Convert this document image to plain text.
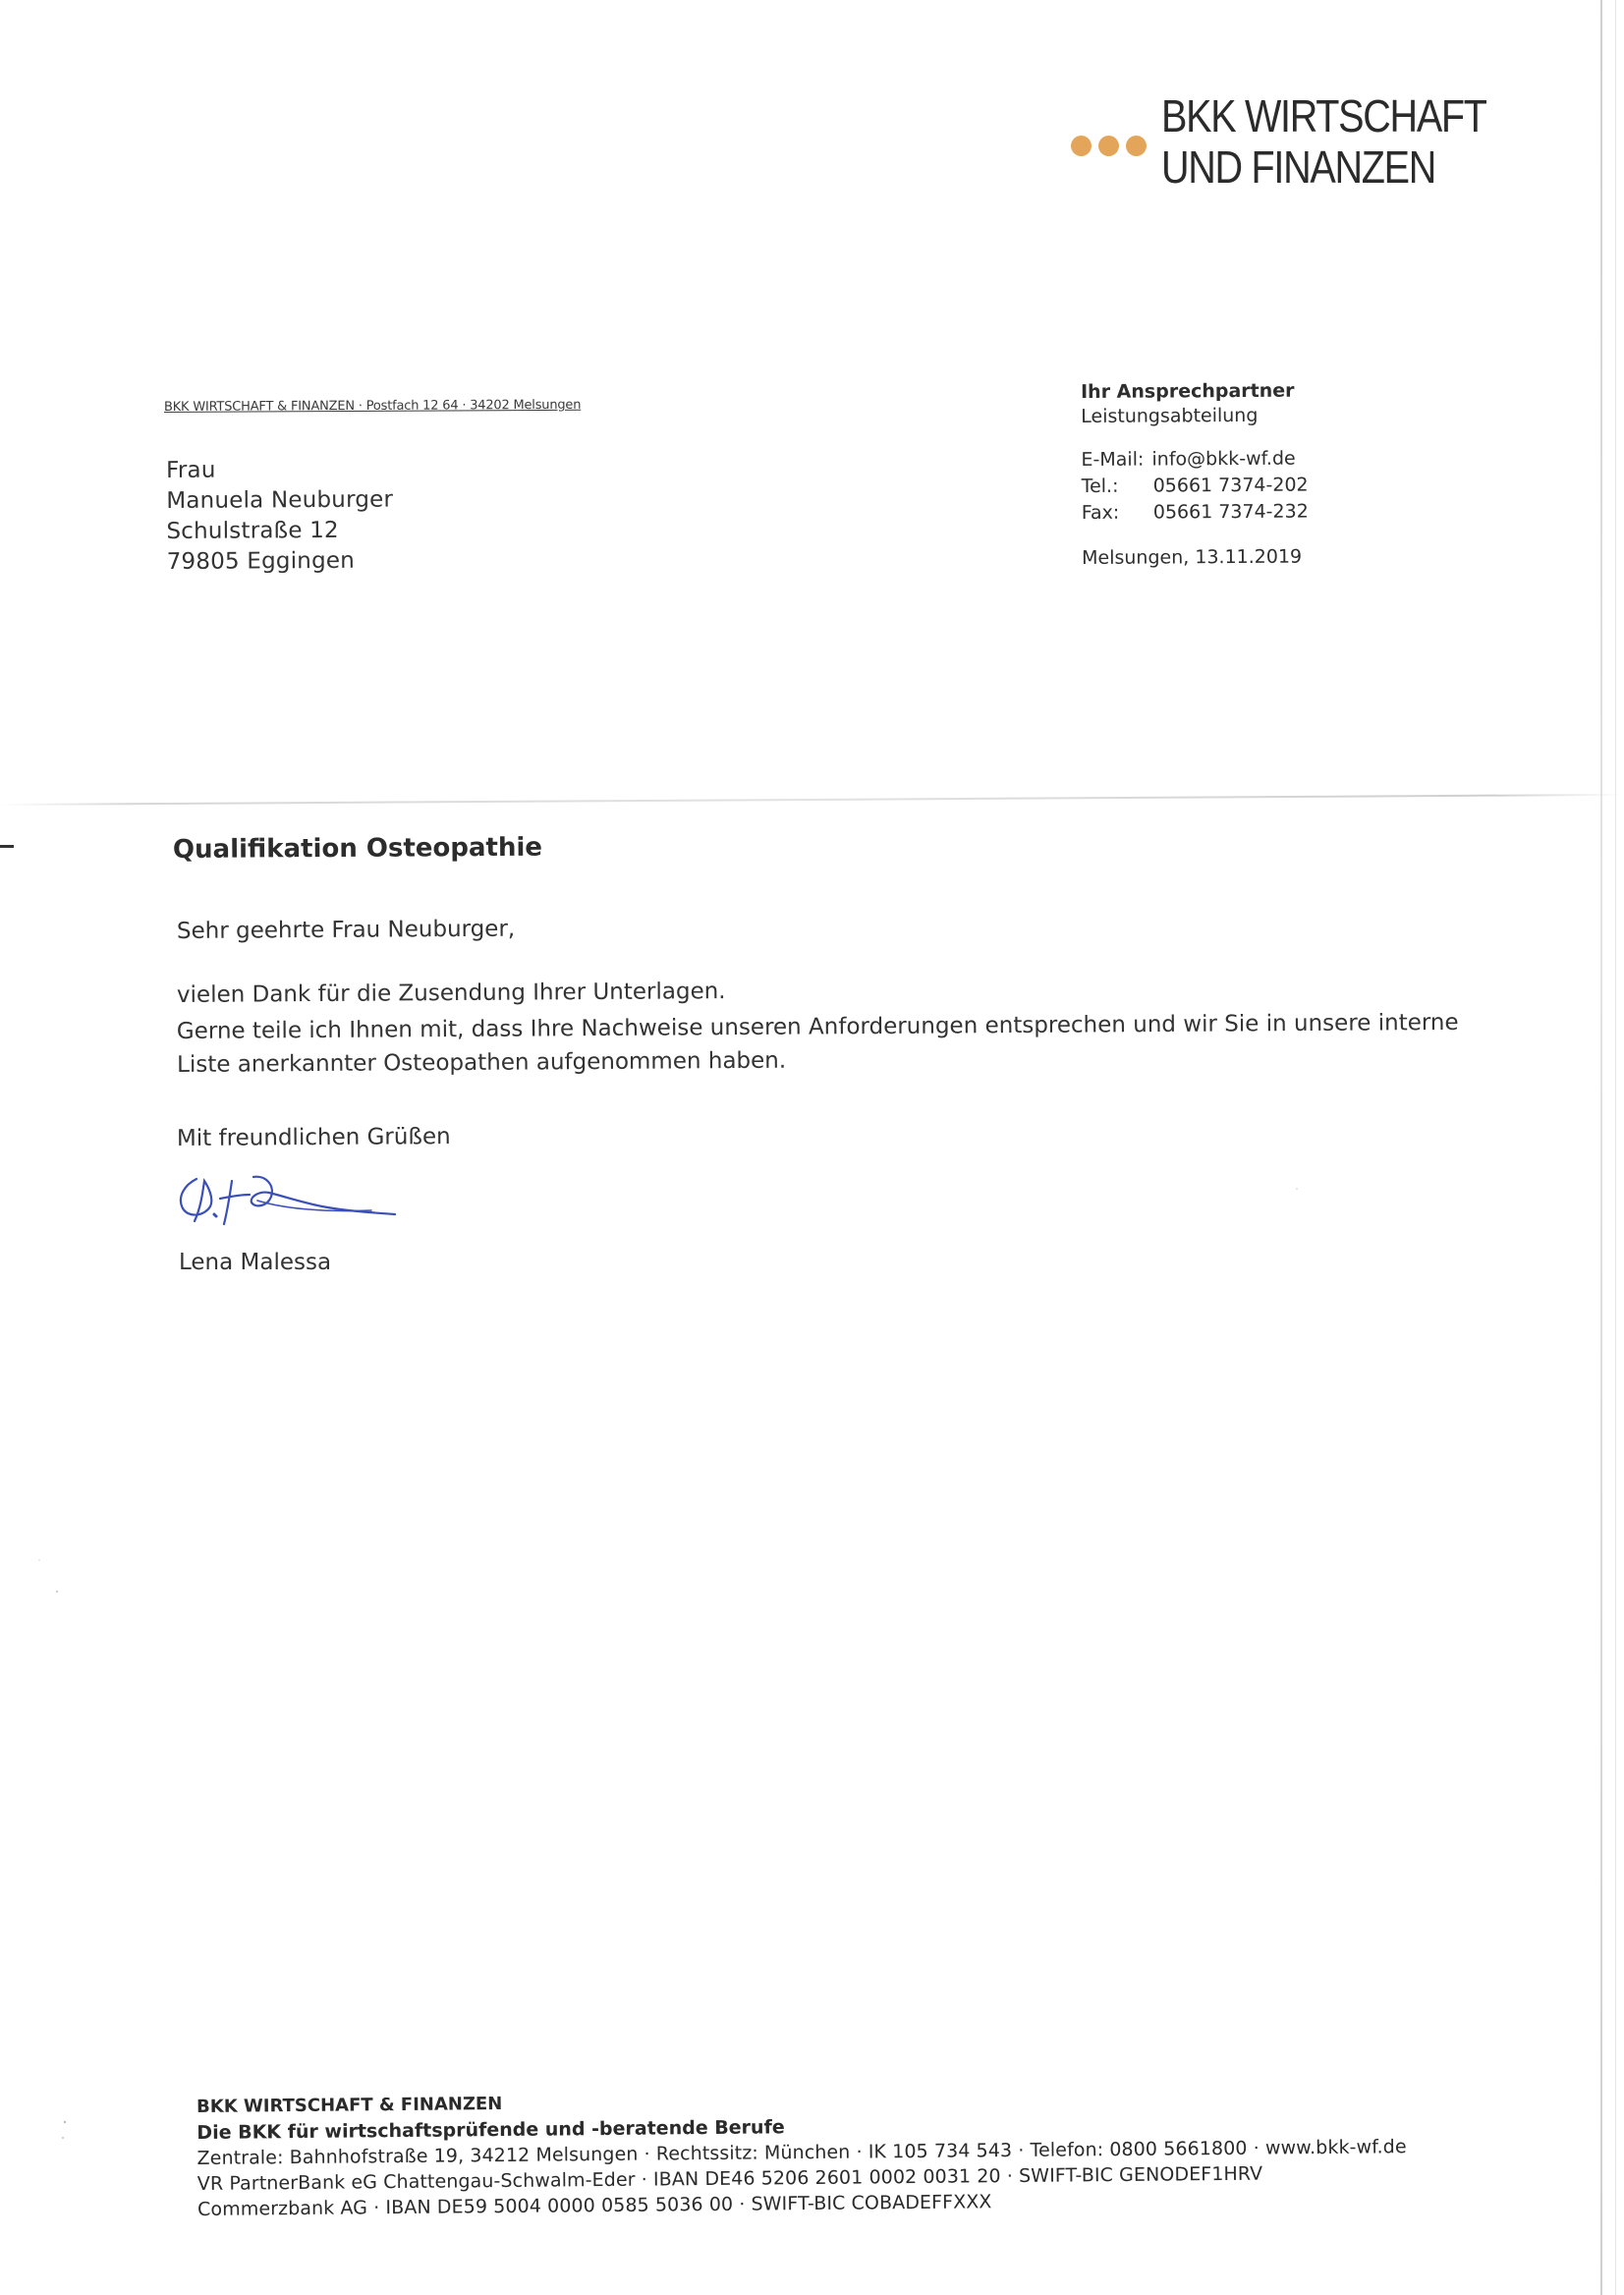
BKK WIRTSCHAFT
UND FINANZEN
BKK WIRTSCHAFT & FINANZEN · Postfach 12 64 · 34202 Melsungen
Frau
Manuela Neuburger
Schulstraße 12
79805 Eggingen
Ihr Ansprechpartner
Leistungsabteilung
E-Mail: info@bkk-wf.de
Tel.:	05661 7374-202
Fax:	05661 7374-232
Melsungen, 13.11.2019
Qualifikation Osteopathie
Sehr geehrte Frau Neuburger,
vielen Dank für die Zusendung Ihrer Unterlagen.
Gerne teile ich Ihnen mit, dass Ihre Nachweise unseren Anforderungen entsprechen und wir Sie in unsere interne
Liste anerkannter Osteopathen aufgenommen haben.
Mit freundlichen Grüßen
Lena Malessa
BKK WIRTSCHAFT & FINANZEN
Die BKK für wirtschaftsprüfende und -beratende Berufe
Zentrale: Bahnhofstraße 19, 34212 Melsungen · Rechtssitz: München · IK 105 734 543 · Telefon: 0800 5661800 · www.bkk-wf.de
VR PartnerBank eG Chattengau-Schwalm-Eder · IBAN DE46 5206 2601 0002 0031 20 · SWIFT-BIC GENODEF1HRV
Commerzbank AG · IBAN DE59 5004 0000 0585 5036 00 · SWIFT-BIC COBADEFFXXX
